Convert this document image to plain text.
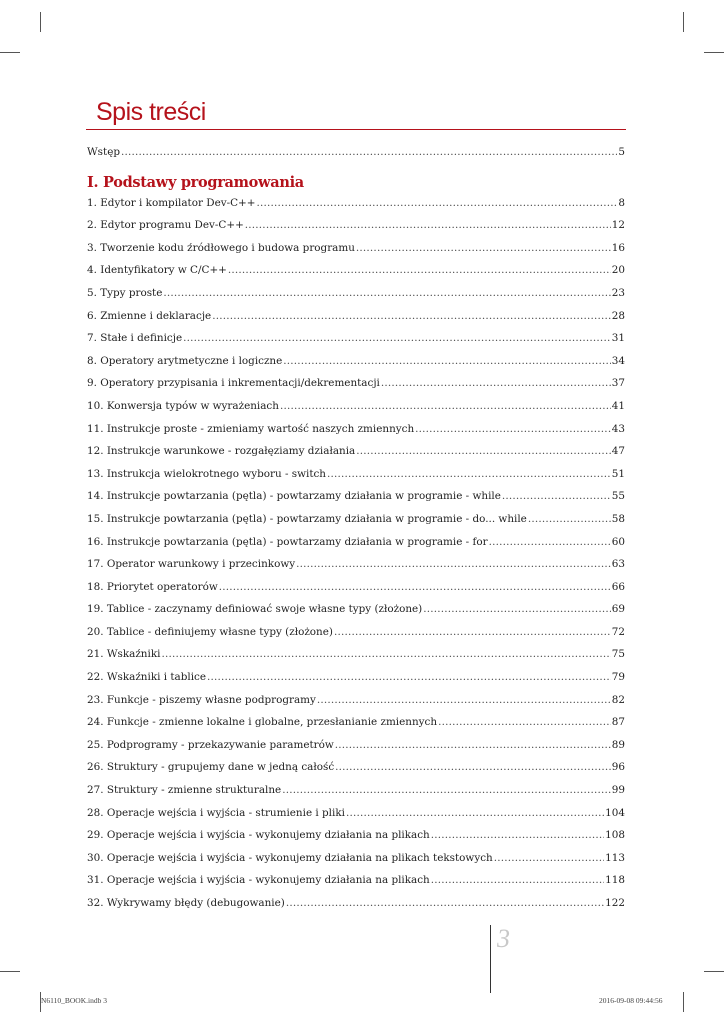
Spis treści
Wstęp .....	5
I. Podstawy programowania
1. Edytor i kompilator Dev-C++ .....	8
2. Edytor programu Dev-C++ .....	12
3. Tworzenie kodu źródłowego i budowa programu .....	16
4. Identyfikatory w C/C++ .....	20
5. Typy proste .....	23
6. Zmienne i deklaracje .....	28
7. Stałe i definicje .....	31
8. Operatory arytmetyczne i logiczne .....	34
9. Operatory przypisania i inkrementacji/dekrementacji .....	37
10. Konwersja typów w wyrażeniach .....	41
11. Instrukcje proste - zmieniamy wartość naszych zmiennych .....	43
12. Instrukcje warunkowe - rozgałęziamy działania .....	47
13. Instrukcja wielokrotnego wyboru - switch .....	51
14. Instrukcje powtarzania (pętla) - powtarzamy działania w programie - while .....	55
15. Instrukcje powtarzania (pętla) - powtarzamy działania w programie - do... while .....	58
16. Instrukcje powtarzania (pętla) - powtarzamy działania w programie - for .....	60
17. Operator warunkowy i przecinkowy .....	63
18. Priorytet operatorów .....	66
19. Tablice - zaczynamy definiować swoje własne typy (złożone) .....	69
20. Tablice - definiujemy własne typy (złożone) .....	72
21. Wskaźniki .....	75
22. Wskaźniki i tablice .....	79
23. Funkcje - piszemy własne podprogramy .....	82
24. Funkcje - zmienne lokalne i globalne, przesłanianie zmiennych .....	87
25. Podprogramy - przekazywanie parametrów .....	89
26. Struktury - grupujemy dane w jedną całość .....	96
27. Struktury - zmienne strukturalne .....	99
28. Operacje wejścia i wyjścia - strumienie i pliki .....	104
29. Operacje wejścia i wyjścia - wykonujemy działania na plikach .....	108
30. Operacje wejścia i wyjścia - wykonujemy działania na plikach tekstowych .....	113
31. Operacje wejścia i wyjścia - wykonujemy działania na plikach .....	118
32. Wykrywamy błędy (debugowanie) .....	122
3
N6110_BOOK.indb 3	2016-09-08 09:44:56
